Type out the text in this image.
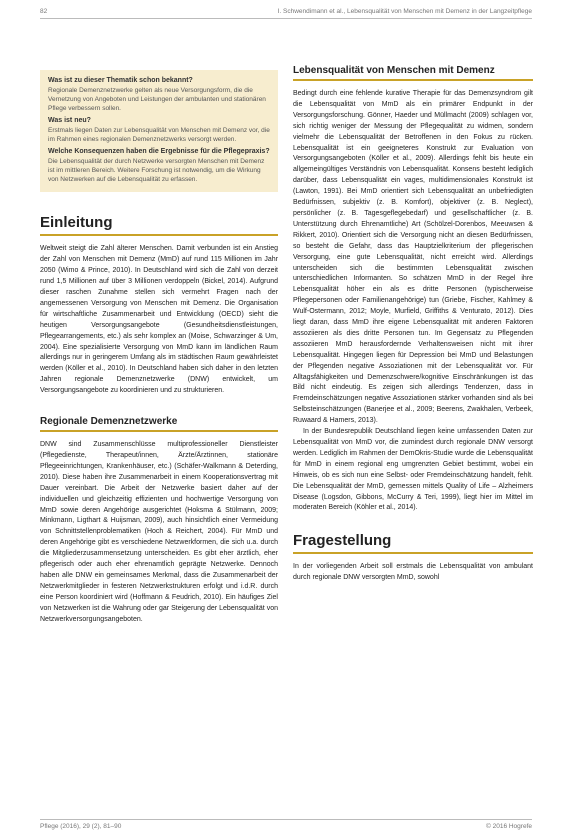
82	I. Schwendimann et al., Lebensqualität von Menschen mit Demenz in der Langzeitpflege
Was ist zu dieser Thematik schon bekannt?
Regionale Demenznetzwerke gelten als neue Versorgungsform, die die Vernetzung von Angeboten und Leistungen der ambulanten und stationären Pflege verbessern sollen.
Was ist neu?
Erstmals liegen Daten zur Lebensqualität von Menschen mit Demenz vor, die im Rahmen eines regionalen Demenznetzwerks versorgt werden.
Welche Konsequenzen haben die Ergebnisse für die Pflegepraxis?
Die Lebensqualität der durch Netzwerke versorgten Menschen mit Demenz ist im mittleren Bereich. Weitere Forschung ist notwendig, um die Wirkung von Netzwerken auf die Lebensqualität zu erfassen.
Einleitung

Weltweit steigt die Zahl älterer Menschen. Damit verbunden ist ein Anstieg der Zahl von Menschen mit Demenz (MmD) auf rund 115 Millionen im Jahr 2050 (Wimo & Prince, 2010). In Deutschland wird sich die Zahl von derzeit rund 1,5 Millionen auf über 3 Millionen verdoppeln (Bickel, 2014). Aufgrund dieser raschen Zunahme stellen sich vermehrt Fragen nach der angemessenen Versorgung von Menschen mit Demenz. Die Organisation für wirtschaftliche Zusammenarbeit und Entwicklung (OECD) sieht die heutigen Versorgungsangebote (Gesundheitsdienstleistungen, Pflegearrangements, etc.) als sehr komplex an (Moise, Schwarzinger & Um, 2004). Eine spezialisierte Versorgung von MmD kann im ländlichen Raum allerdings nur in geringerem Umfang als im städtischen Raum gewährleistet werden (Köller et al., 2010). In Deutschland haben sich daher in den letzten Jahren regionale Demenznetzwerke (DNW) entwickelt, um Versorgungsangebote zu koordinieren und zu strukturieren.

Regionale Demenznetzwerke

DNW sind Zusammenschlüsse multiprofessioneller Dienstleister (Pflegedienste, Therapeut/innen, Ärzte/Ärztinnen, stationäre Pflegeeinrichtungen, Krankenhäuser, etc.) (Schäfer-Walkmann & Deterding, 2010). Diese haben ihre Zusammenarbeit in einem Kooperationsvertrag mit Dauer vereinbart. Die Arbeit der Netzwerke basiert daher auf der individuellen und gleichzeitig effizienten und hochwertige Versorgung von MmD sowie deren Angehörige ausgerichtet (Hoksma & Stülmann, 2009; Minkmann, Ligthart & Huijsman, 2009), auch hinsichtlich einer Vermeidung von Schnittstellenproblematiken (Hoch & Reichert, 2004). Für MmD und deren Angehörige gibt es verschiedene Netzwerkformen, die sich u.a. durch die Mitgliederzusammensetzung unterscheiden. Es gibt eher ärztlich, eher pflegerisch oder auch eher ehrenamtlich geprägte Netzwerke. Dennoch haben alle DNW ein gemeinsames Merkmal, dass die Zusammenarbeit der Netzwerkmitglieder in festeren Netzwerkstrukturen erfolgt und i.d.R. durch eine Person koordiniert wird (Hoffmann & Feudrich, 2010). Ein häufiges Ziel von Netzwerken ist die Wahrung oder gar Steigerung der Lebensqualität von Netzwerkversorgungsangeboten.

Lebensqualität von Menschen mit Demenz

Bedingt durch eine fehlende kurative Therapie für das Demenzsyndrom gilt die Lebensqualität von MmD als ein primärer Endpunkt in der Versorgungsforschung. Gönner, Haeder und Müllmacht (2009) schlagen vor, sich richtig weniger der Messung der Pflegequalität zu widmen, sondern vielmehr die Lebensqualität der Betroffenen in den Fokus zu rücken. Lebensqualität ist ein geeigneteres Konstrukt zur Evaluation von Versorgungsangeboten (Köller et al., 2009). Allerdings fehlt bis heute ein allgemeingültiges Verständnis von Lebensqualität. Konsens besteht lediglich darüber, dass Lebensqualität ein vages, multidimensionales Konstrukt ist (Lawton, 1991). Bei MmD orientiert sich Lebensqualität an unbefriedigten Bedürfnissen, subjektiv (z. B. Komfort), objektiver (z. B. Neglect), persönlicher (z. B. Tagesgeflegebedarf) und gesellschaftlicher (z. B. Unterstützung durch Ehrenamtliche) Art (Schölzel-Dorenbos, Meeuwsen & Rikkert, 2010). Orientiert sich die Versorgung nicht an diesen Bedürfnissen, so besteht die Gefahr, dass das Hauptzielkriterium der pflegerischen Versorgung, eine gute Lebensqualität, nicht erreicht wird. Allerdings unterscheiden sich die bestimmten Lebensqualität zwischen unterschiedlichen Informanten. So schätzen MmD in der Regel ihre Lebensqualität höher ein als es dritte Personen (typischerweise Pflegepersonen oder Familienangehörige) tun (Griebe, Fischer, Kahlmey & Wulf-Ostermann, 2012; Moyle, Murfield, Griffiths & Venturato, 2012). Dies liegt daran, dass MmD ihre eigene Lebensqualität mit anderen Faktoren assoziieren als dies dritte Personen tun. Im Gegensatz zu Pflegenden assoziieren MmD herausfordernde Verhaltensweisen nicht mit ihrer Lebensqualität. Hingegen liegen für Depression bei MmD und Belastungen der Pflegenden negative Assoziationen mit der Lebensqualität vor. Für Alltagsfähigkeiten und Demenzschwere/kognitive Einschränkungen ist das Bild nicht eindeutig. Es zeigen sich allerdings Tendenzen, dass in Fremdeinschätzungen negative Assoziationen stärker vorhanden sind als bei Selbsteinschätzungen (Banerjee et al., 2009; Beerens, Zwakhalen, Verbeek, Ruwaard & Hamers, 2013).

In der Bundesrepublik Deutschland liegen keine umfassenden Daten zur Lebensqualität von MmD vor, die zumindest durch regionale DNW versorgt werden. Lediglich im Rahmen der DemOkris-Studie wurde die Lebensqualität für MmD in einem regional eng umgrenzten Gebiet bestimmt, wobei ein Hinweis, ob es sich nun eine Selbst- oder Fremdeinschätzung handelt, fehlt. Die Lebensqualität der MmD, gemessen mittels Quality of Life – Alzheimers Disease (Logsdon, Gibbons, McCurry & Teri, 1999), liegt hier im Mittel im moderaten Bereich (Köhler et al., 2014).

Fragestellung

In der vorliegenden Arbeit soll erstmals die Lebensqualität von ambulant durch regionale DNW versorgten MmD, sowohl

Pflege (2016), 29 (2), 81–90	© 2016 Hogrefe
